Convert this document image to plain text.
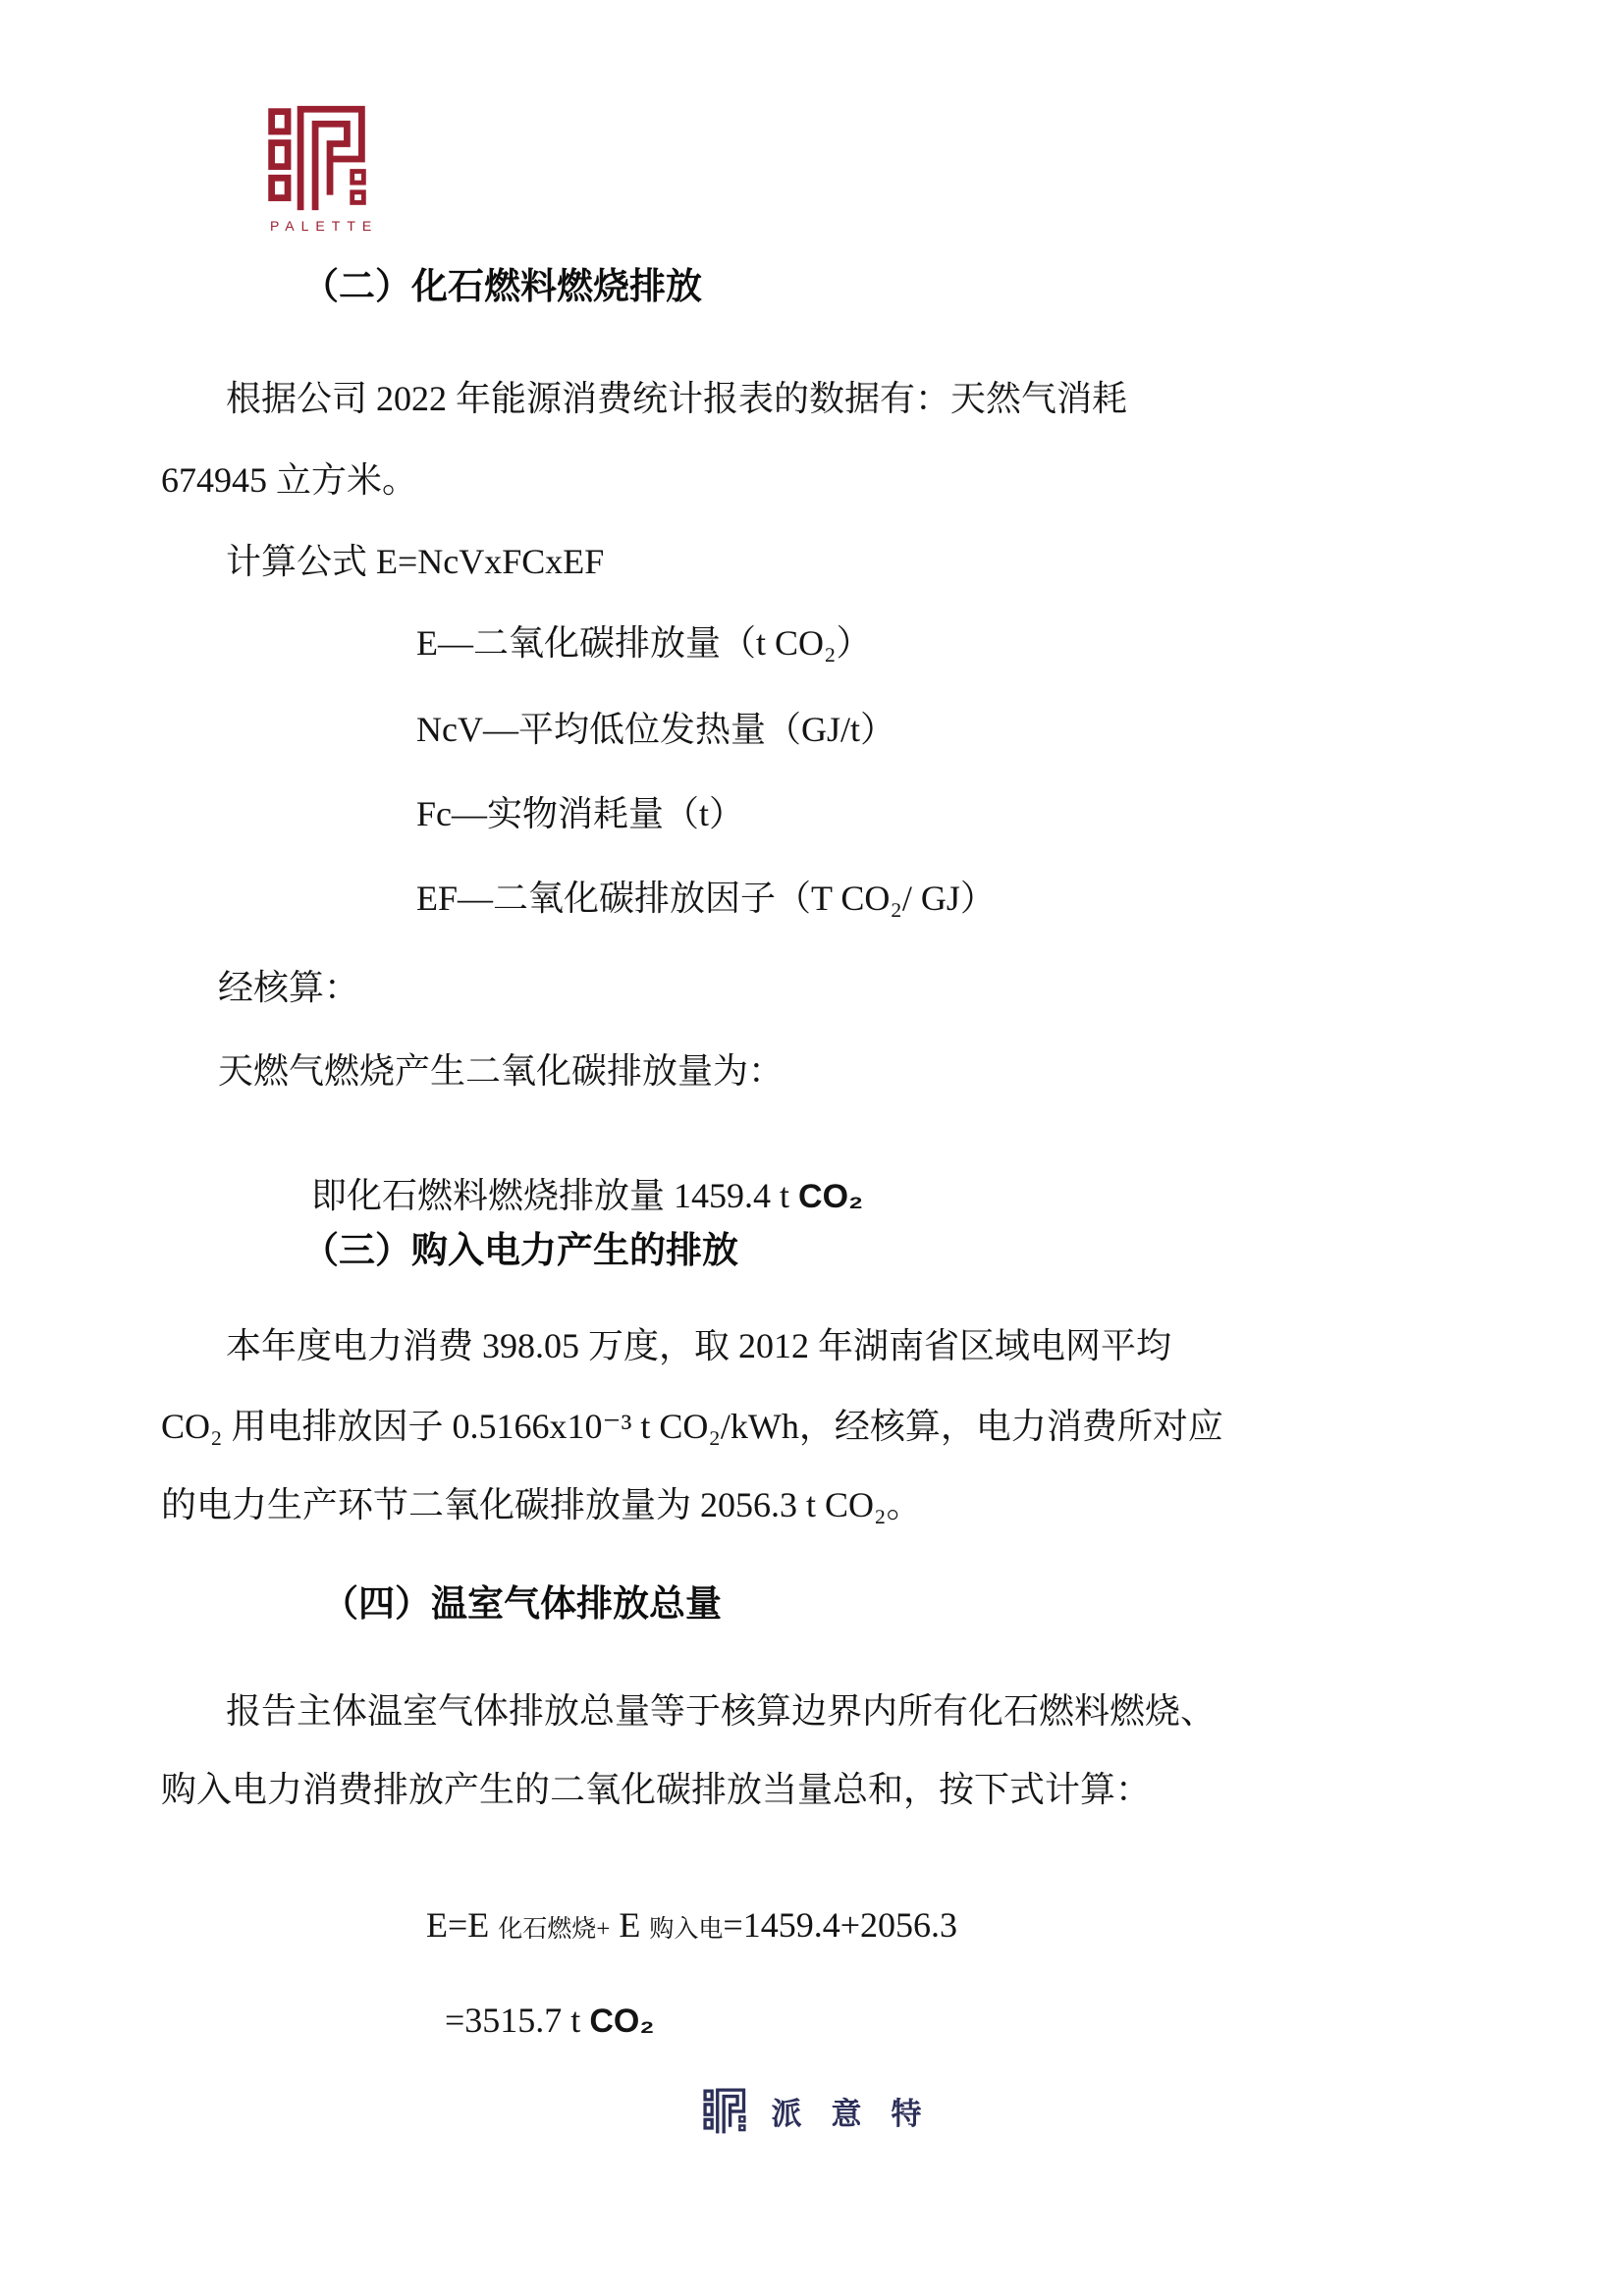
PALETTE
（二）化石燃料燃烧排放
根据公司 2022 年能源消费统计报表的数据有：天然气消耗
674945 立方米。
计算公式 E=NcVxFCxEF
E—二氧化碳排放量（t CO₂）
NcV—平均低位发热量（GJ/t）
Fc—实物消耗量（t）
EF—二氧化碳排放因子（T CO₂/ GJ）
经核算：
天燃气燃烧产生二氧化碳排放量为：

即化石燃料燃烧排放量 1459.4 t CO₂

（三）购入电力产生的排放
本年度电力消费 398.05 万度，取 2012 年湖南省区域电网平均
CO₂ 用电排放因子 0.5166x10⁻³ t CO₂/kWh，经核算，电力消费所对应
的电力生产环节二氧化碳排放量为 2056.3 t CO₂。
（四）温室气体排放总量
报告主体温室气体排放总量等于核算边界内所有化石燃料燃烧、
购入电力消费排放产生的二氧化碳排放当量总和，按下式计算：

E=E 化石燃烧+ E 购入电=1459.4+2056.3

=3515.7 t CO₂

派意特
